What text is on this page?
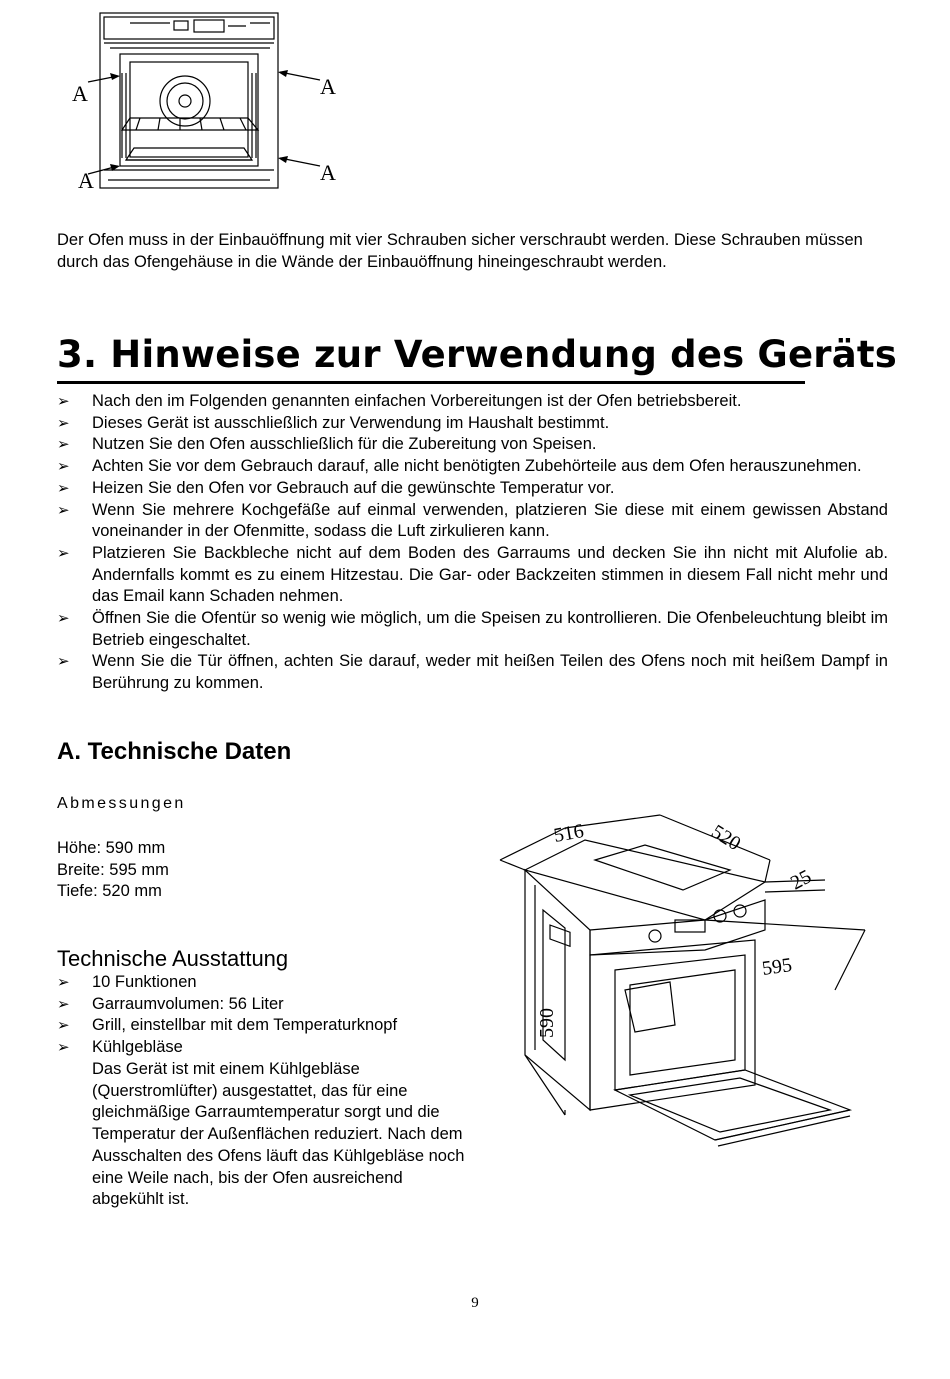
A	A
A	A
Der Ofen muss in der Einbauöffnung mit vier Schrauben sicher verschraubt werden. Diese Schrauben müssen durch das Ofengehäuse in die Wände der Einbauöffnung hineingeschraubt werden.
3. Hinweise zur Verwendung des Geräts
➢ Nach den im Folgenden genannten einfachen Vorbereitungen ist der Ofen betriebsbereit.
➢ Dieses Gerät ist ausschließlich zur Verwendung im Haushalt bestimmt.
➢ Nutzen Sie den Ofen ausschließlich für die Zubereitung von Speisen.
➢ Achten Sie vor dem Gebrauch darauf, alle nicht benötigten Zubehörteile aus dem Ofen herauszunehmen.
➢ Heizen Sie den Ofen vor Gebrauch auf die gewünschte Temperatur vor.
➢ Wenn Sie mehrere Kochgefäße auf einmal verwenden, platzieren Sie diese mit einem gewissen Abstand voneinander in der Ofenmitte, sodass die Luft zirkulieren kann.
➢ Platzieren Sie Backbleche nicht auf dem Boden des Garraums und decken Sie ihn nicht mit Alufolie ab. Andernfalls kommt es zu einem Hitzestau. Die Gar- oder Backzeiten stimmen in diesem Fall nicht mehr und das Email kann Schaden nehmen.
➢ Öffnen Sie die Ofentür so wenig wie möglich, um die Speisen zu kontrollieren. Die Ofenbeleuchtung bleibt im Betrieb eingeschaltet.
➢ Wenn Sie die Tür öffnen, achten Sie darauf, weder mit heißen Teilen des Ofens noch mit heißem Dampf in Berührung zu kommen.
A. Technische Daten
Abmessungen
Höhe: 590 mm
Breite: 595 mm
Tiefe: 520 mm
Technische Ausstattung
➢ 10 Funktionen
➢ Garraumvolumen: 56 Liter
➢ Grill, einstellbar mit dem Temperaturknopf
➢ Kühlgebläse
Das Gerät ist mit einem Kühlgebläse (Querstromlüfter) ausgestattet, das für eine gleichmäßige Garraumtemperatur sorgt und die Temperatur der Außenflächen reduziert. Nach dem Ausschalten des Ofens läuft das Kühlgebläse noch eine Weile nach, bis der Ofen ausreichend abgekühlt ist.
516	520
25
595
590
9
